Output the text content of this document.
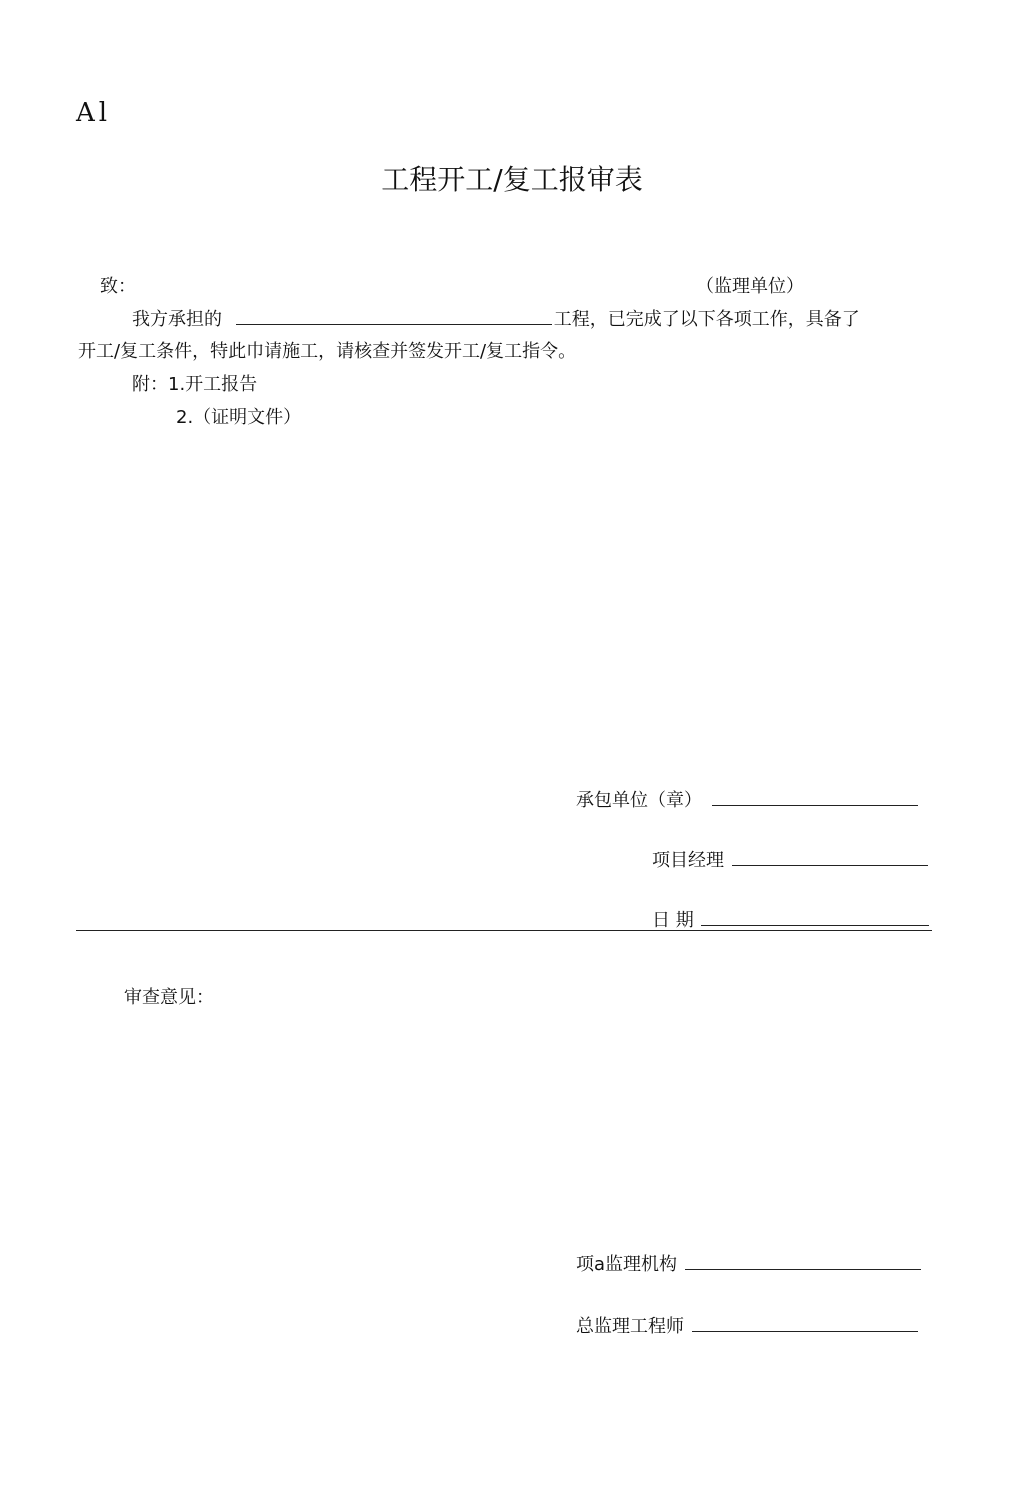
Al
工程开工/复工报审表
致：	（监理单位）
我方承担的	工程，已完成了以下各项工作，具备了
开工/复工条件，特此巾请施工，请核查并签发开工/复工指令。
附：1.开工报告
2.（证明文件）
承包单位（章）
项目经理
日 期
审查意见：
项a监理机构
总监理工程师
